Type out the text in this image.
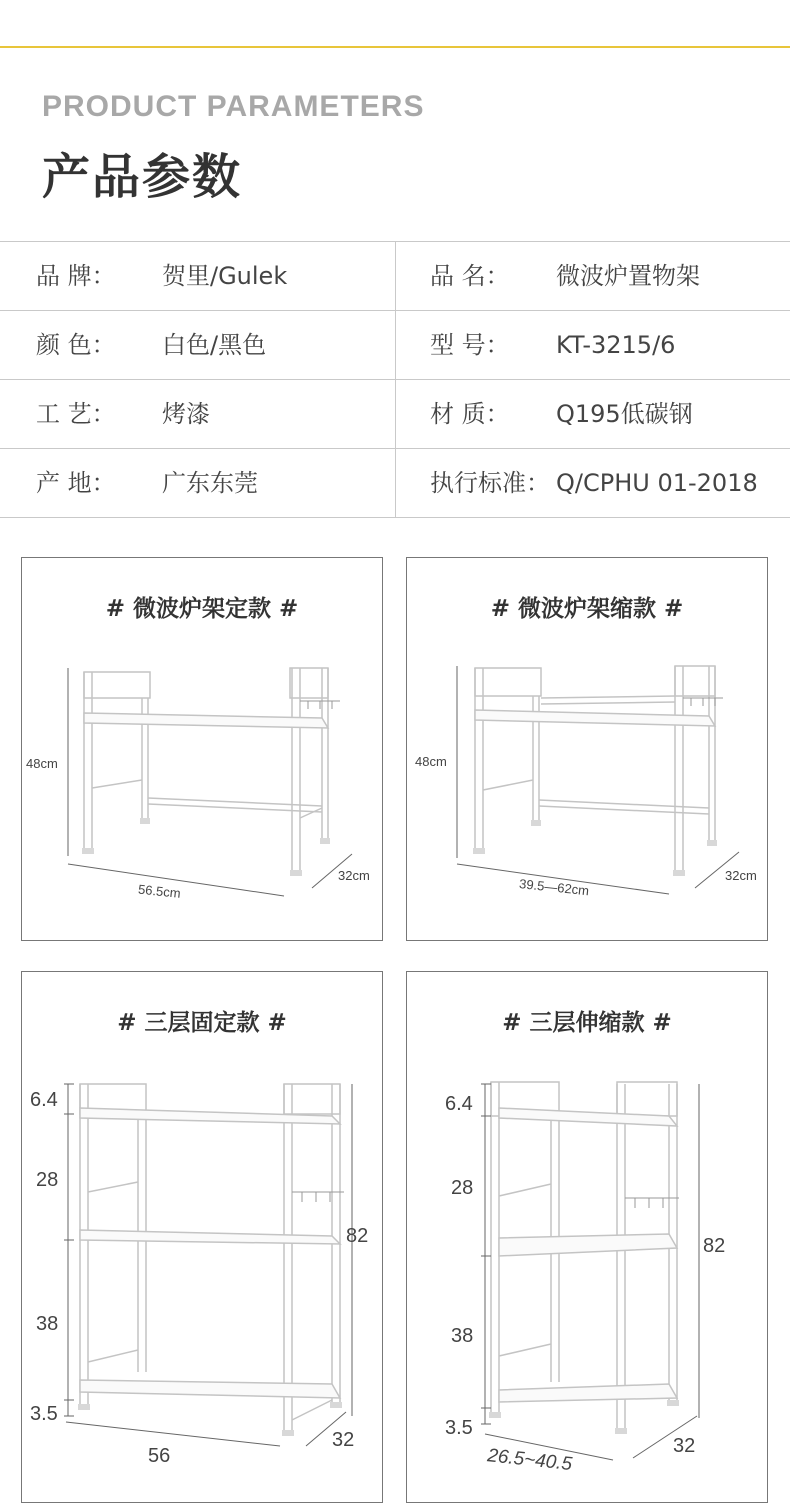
PRODUCT PARAMETERS
产品参数
品 牌： 贺里/Gulek	品 名： 微波炉置物架
颜 色： 白色/黑色	型 号： KT-3215/6
工 艺： 烤漆	材 质： Q195低碳钢
产 地： 广东东莞	执行标准： Q/CPHU 01-2018
# 微波炉架定款 #
48cm
56.5cm
32cm
# 微波炉架缩款 #
48cm
39.5—62cm
32cm
# 三层固定款 #
6.4
28
38
3.5
82
56
32
# 三层伸缩款 #
6.4
28
38
3.5
82
26.5~40.5	32
